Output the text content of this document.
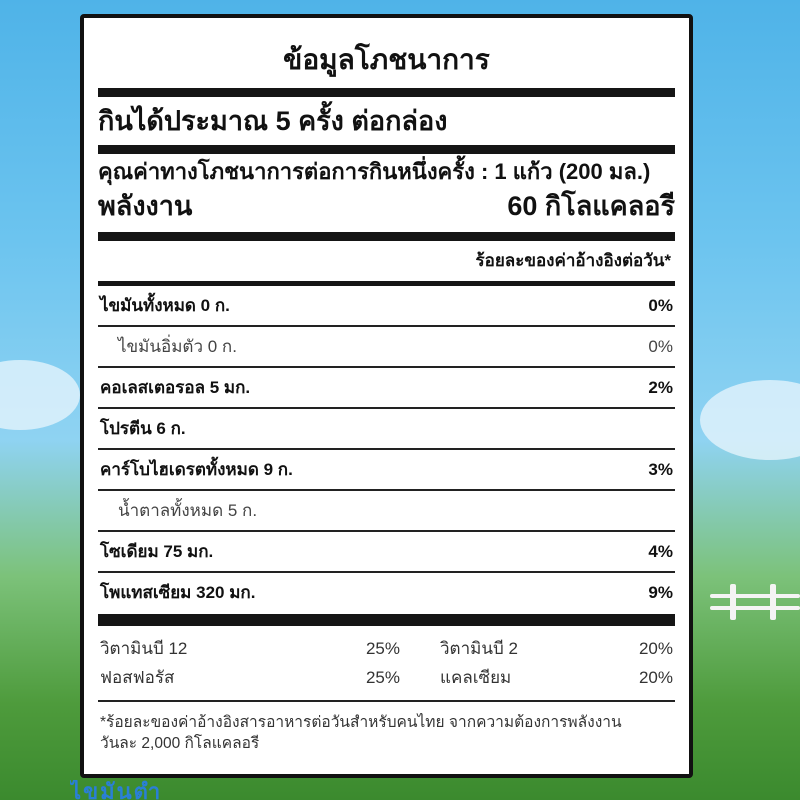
ไขมันต่ำ
ข้อมูลโภชนาการ
กินได้ประมาณ 5 ครั้ง ต่อกล่อง
คุณค่าทางโภชนาการต่อการกินหนึ่งครั้ง : 1 แก้ว (200 มล.)
พลังงาน	60 กิโลแคลอรี
ร้อยละของค่าอ้างอิงต่อวัน*
ไขมันทั้งหมด 0 ก.	0%
ไขมันอิ่มตัว 0 ก.	0%
คอเลสเตอรอล 5 มก.	2%
โปรตีน 6 ก.
คาร์โบไฮเดรตทั้งหมด 9 ก.	3%
น้ำตาลทั้งหมด 5 ก.
โซเดียม 75 มก.	4%
โพแทสเซียม 320 มก.	9%
วิตามินบี 12	25% วิตามินบี 2	20%
ฟอสฟอรัส	25% แคลเซียม	20%
*ร้อยละของค่าอ้างอิงสารอาหารต่อวันสำหรับคนไทย จากความต้องการพลังงาน
วันละ 2,000 กิโลแคลอรี
